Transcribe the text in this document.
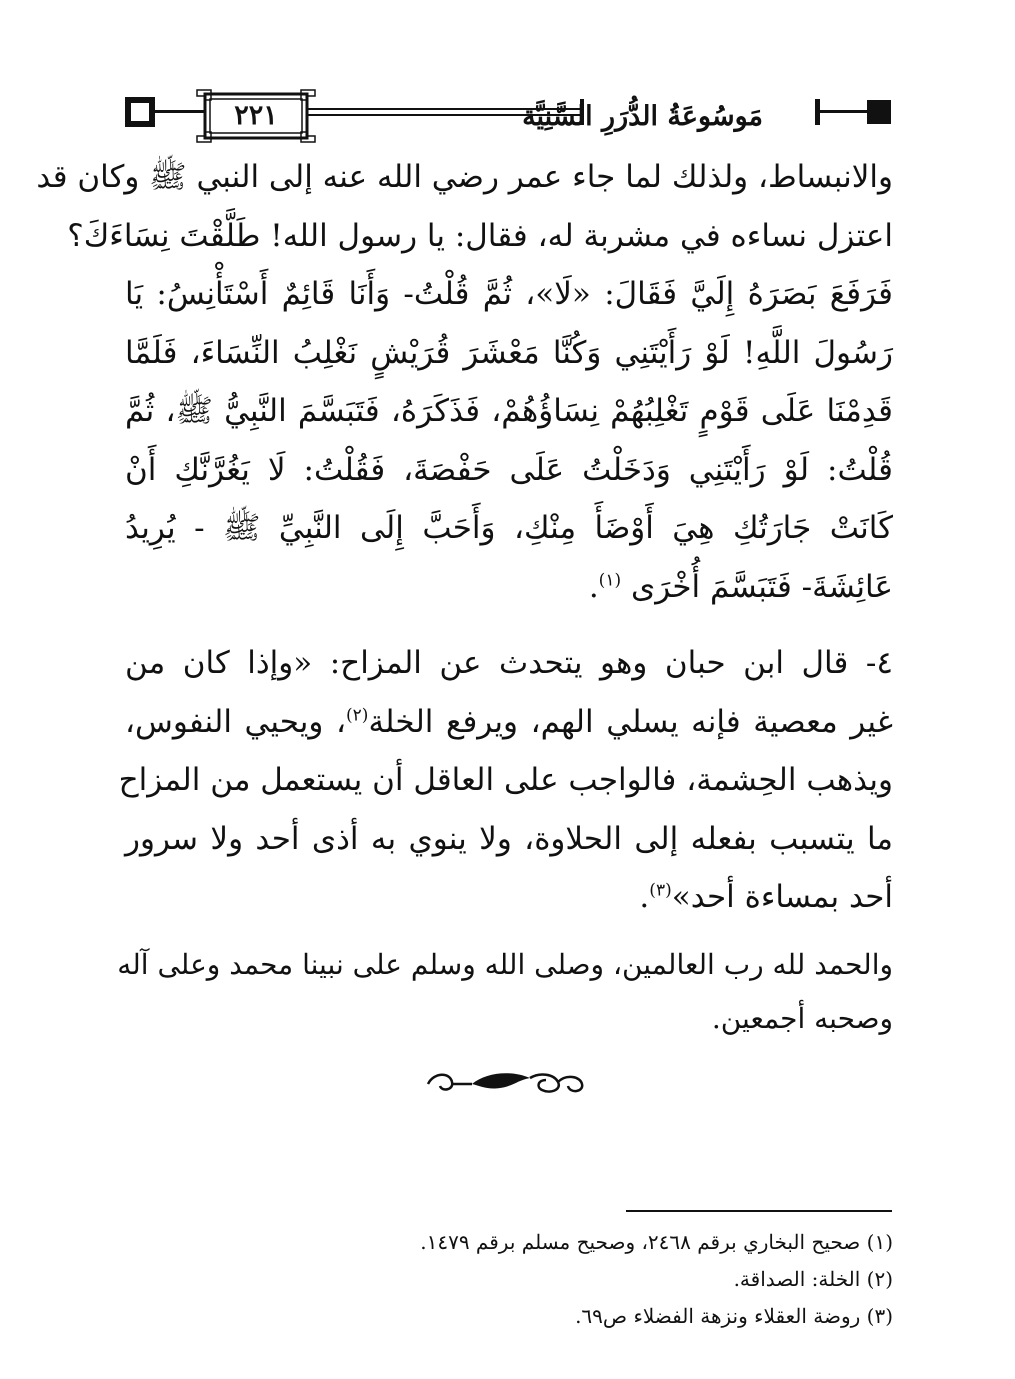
٢٢١	مَوسُوعَةُ الدُّرَرِ السَّنِيَّة

والانبساط، ولذلك لما جاء عمر رضي الله عنه إلى النبي ﷺ وكان قد
اعتزل نساءه في مشربة له، فقال: يا رسول الله! طَلَّقْتَ نِسَاءَكَ؟
فَرَفَعَ بَصَرَهُ إِلَيَّ فَقَالَ: «لَا»، ثُمَّ قُلْتُ- وَأَنَا قَائِمٌ أَسْتَأْنِسُ: يَا
رَسُولَ اللَّهِ! لَوْ رَأَيْتَنِي وَكُنَّا مَعْشَرَ قُرَيْشٍ نَغْلِبُ النِّسَاءَ، فَلَمَّا
قَدِمْنَا عَلَى قَوْمٍ تَغْلِبُهُمْ نِسَاؤُهُمْ، فَذَكَرَهُ، فَتَبَسَّمَ النَّبِيُّ ﷺ، ثُمَّ
قُلْتُ: لَوْ رَأَيْتَنِي وَدَخَلْتُ عَلَى حَفْصَةَ، فَقُلْتُ: لَا يَغُرَّنَّكِ أَنْ
كَانَتْ جَارَتُكِ هِيَ أَوْضَأَ مِنْكِ، وَأَحَبَّ إِلَى النَّبِيِّ ﷺ - يُرِيدُ
عَائِشَةَ- فَتَبَسَّمَ أُخْرَى $^{(١)}$.

٤- قال ابن حبان وهو يتحدث عن المزاح: «وإذا كان من
غير معصية فإنه يسلي الهم، ويرفع الخلة$^{(٢)}$، ويحيي النفوس،
ويذهب الحِشمة، فالواجب على العاقل أن يستعمل من المزاح
ما يتسبب بفعله إلى الحلاوة، ولا ينوي به أذى أحد ولا سرور
أحد بمساءة أحد»$^{(٣)}$.

والحمد لله رب العالمين، وصلى الله وسلم على نبينا محمد وعلى آله
وصحبه أجمعين.

(١) صحيح البخاري برقم ٢٤٦٨، وصحيح مسلم برقم ١٤٧٩.
(٢) الخلة: الصداقة.
(٣) روضة العقلاء ونزهة الفضلاء ص٦٩.
